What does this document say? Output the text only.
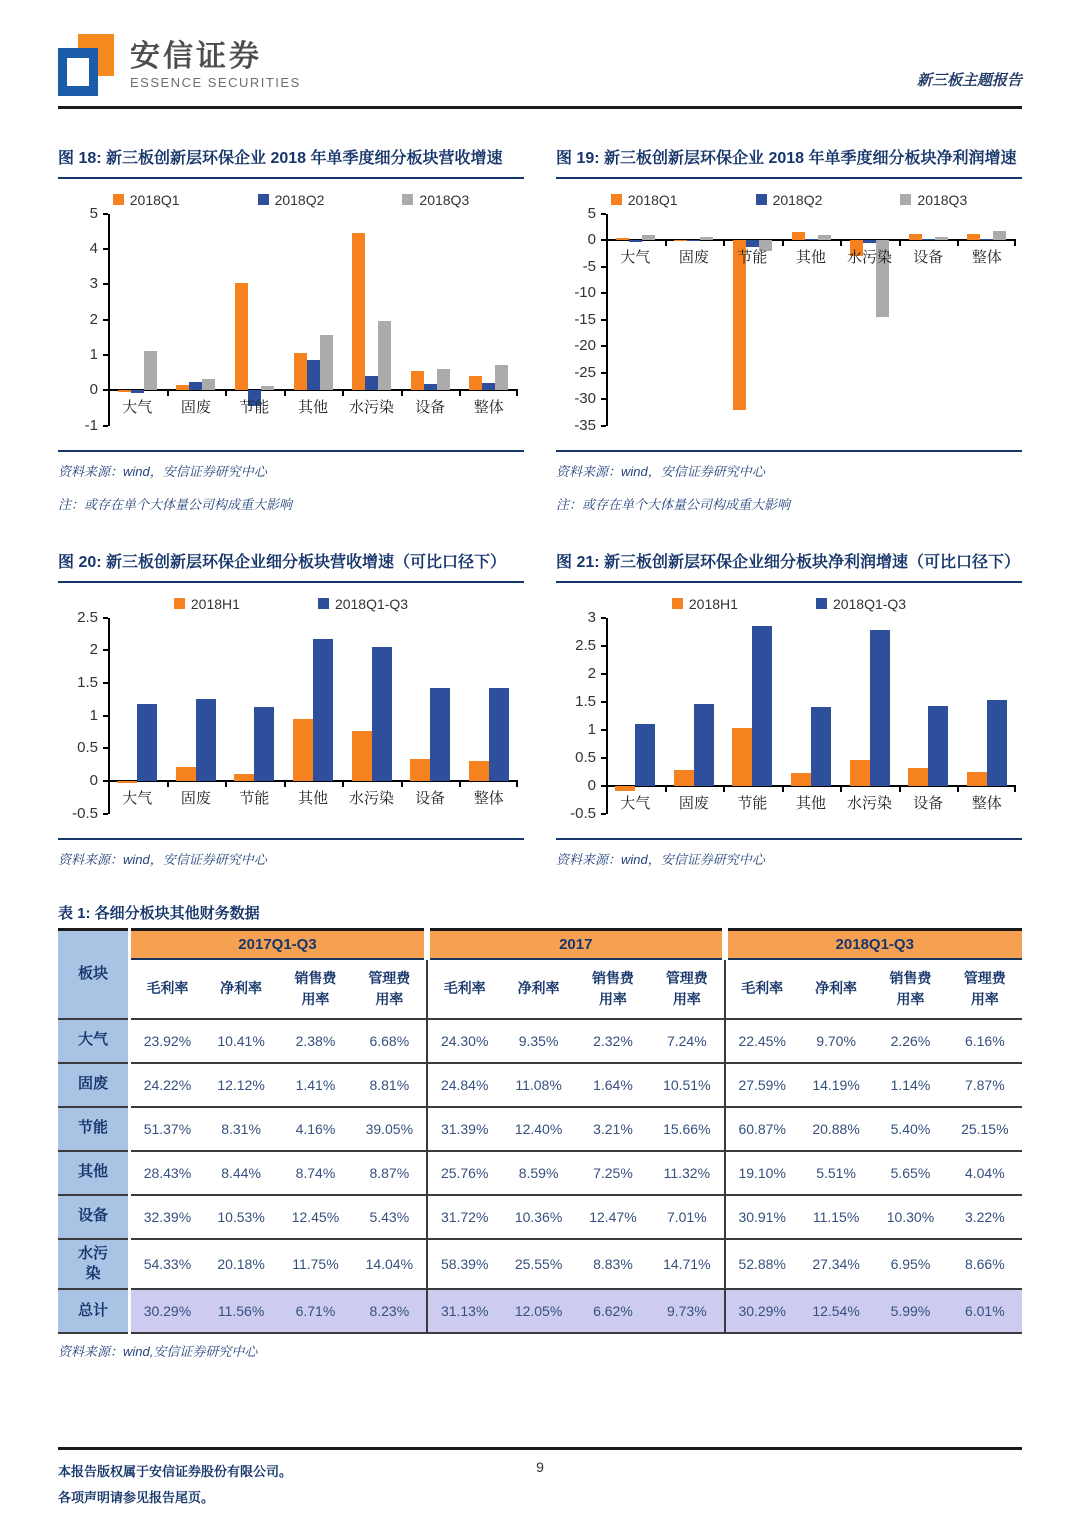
安信证券
ESSENCE SECURITIES	新三板主题报告
图 18: 新三板创新层环保企业 2018 年单季度细分板块营收增速
2018Q1	2018Q2	2018Q3
5
4
3
2
1
0
-1
大气 固废 节能 其他 水污染 设备 整体
资料来源：wind，安信证券研究中心
注：或存在单个大体量公司构成重大影响
图 19: 新三板创新层环保企业 2018 年单季度细分板块净利润增速
2018Q1	2018Q2	2018Q3
5
0
-5
-10
-15
-20
-25
-30
-35
大气 固废 节能 其他 水污染 设备 整体
资料来源：wind，安信证券研究中心
注：或存在单个大体量公司构成重大影响
图 20: 新三板创新层环保企业细分板块营收增速（可比口径下）
2018H1	2018Q1-Q3
2.5
2
1.5
1
0.5
0
-0.5
大气 固废 节能 其他 水污染 设备 整体
资料来源：wind，安信证券研究中心
图 21: 新三板创新层环保企业细分板块净利润增速（可比口径下）
2018H1	2018Q1-Q3
3
2.5
2
1.5
1
0.5
0
-0.5
大气 固废 节能 其他 水污染 设备 整体
资料来源：wind，安信证券研究中心
表 1: 各细分板块其他财务数据
板块	2017Q1-Q3				2017				2018Q1-Q3			
	毛利率	净利率	销售费用率	管理费用率	毛利率	净利率	销售费用率	管理费用率	毛利率	净利率	销售费用率	管理费用率
大气	23.92%	10.41%	2.38%	6.68%	24.30%	9.35%	2.32%	7.24%	22.45%	9.70%	2.26%	6.16%
固废	24.22%	12.12%	1.41%	8.81%	24.84%	11.08%	1.64%	10.51%	27.59%	14.19%	1.14%	7.87%
节能	51.37%	8.31%	4.16%	39.05%	31.39%	12.40%	3.21%	15.66%	60.87%	20.88%	5.40%	25.15%
其他	28.43%	8.44%	8.74%	8.87%	25.76%	8.59%	7.25%	11.32%	19.10%	5.51%	5.65%	4.04%
设备	32.39%	10.53%	12.45%	5.43%	31.72%	10.36%	12.47%	7.01%	30.91%	11.15%	10.30%	3.22%
水污染	54.33%	20.18%	11.75%	14.04%	58.39%	25.55%	8.83%	14.71%	52.88%	27.34%	6.95%	8.66%
总计	30.29%	11.56%	6.71%	8.23%	31.13%	12.05%	6.62%	9.73%	30.29%	12.54%	5.99%	6.01%
资料来源：wind,安信证券研究中心
9
本报告版权属于安信证券股份有限公司。
各项声明请参见报告尾页。
